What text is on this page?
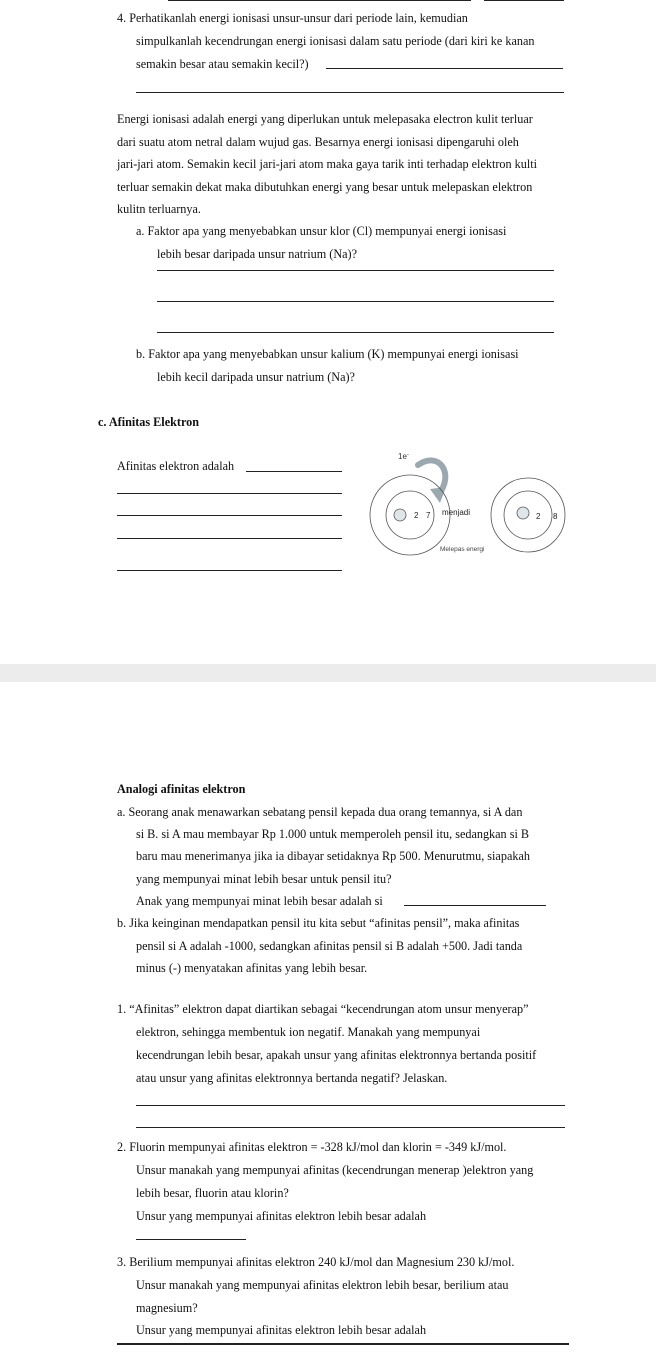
4. Perhatikanlah energi ionisasi unsur-unsur dari periode lain, kemudian
simpulkanlah kecendrungan energi ionisasi dalam satu periode (dari kiri ke kanan
semakin besar atau semakin kecil?)
Energi ionisasi adalah energi yang diperlukan untuk melepasaka electron kulit terluar
dari suatu atom netral dalam wujud gas. Besarnya energi ionisasi dipengaruhi oleh
jari-jari atom. Semakin kecil jari-jari atom maka gaya tarik inti terhadap elektron kulti
terluar semakin dekat maka dibutuhkan energi yang besar untuk melepaskan elektron
kulitn terluarnya.
a. Faktor apa yang menyebabkan unsur klor (Cl) mempunyai energi ionisasi
lebih besar daripada unsur natrium (Na)?
b. Faktor apa yang menyebabkan unsur kalium (K) mempunyai energi ionisasi
lebih kecil daripada unsur natrium (Na)?
c. Afinitas Elektron
Afinitas elektron adalah
1e-
2 7 menjadi
Melepas energi
2 8
Analogi afinitas elektron
a. Seorang anak menawarkan sebatang pensil kepada dua orang temannya, si A dan
si B. si A mau membayar Rp 1.000 untuk memperoleh pensil itu, sedangkan si B
baru mau menerimanya jika ia dibayar setidaknya Rp 500. Menurutmu, siapakah
yang mempunyai minat lebih besar untuk pensil itu?
Anak yang mempunyai minat lebih besar adalah si
b. Jika keinginan mendapatkan pensil itu kita sebut “afinitas pensil”, maka afinitas
pensil si A adalah -1000, sedangkan afinitas pensil si B adalah +500. Jadi tanda
minus (-) menyatakan afinitas yang lebih besar.
1. “Afinitas” elektron dapat diartikan sebagai “kecendrungan atom unsur menyerap”
elektron, sehingga membentuk ion negatif. Manakah yang mempunyai
kecendrungan lebih besar, apakah unsur yang afinitas elektronnya bertanda positif
atau unsur yang afinitas elektronnya bertanda negatif? Jelaskan.
2. Fluorin mempunyai afinitas elektron = -328 kJ/mol dan klorin = -349 kJ/mol.
Unsur manakah yang mempunyai afinitas (kecendrungan menerap )elektron yang
lebih besar, fluorin atau klorin?
Unsur yang mempunyai afinitas elektron lebih besar adalah
3. Berilium mempunyai afinitas elektron 240 kJ/mol dan Magnesium 230 kJ/mol.
Unsur manakah yang mempunyai afinitas elektron lebih besar, berilium atau
magnesium?
Unsur yang mempunyai afinitas elektron lebih besar adalah
